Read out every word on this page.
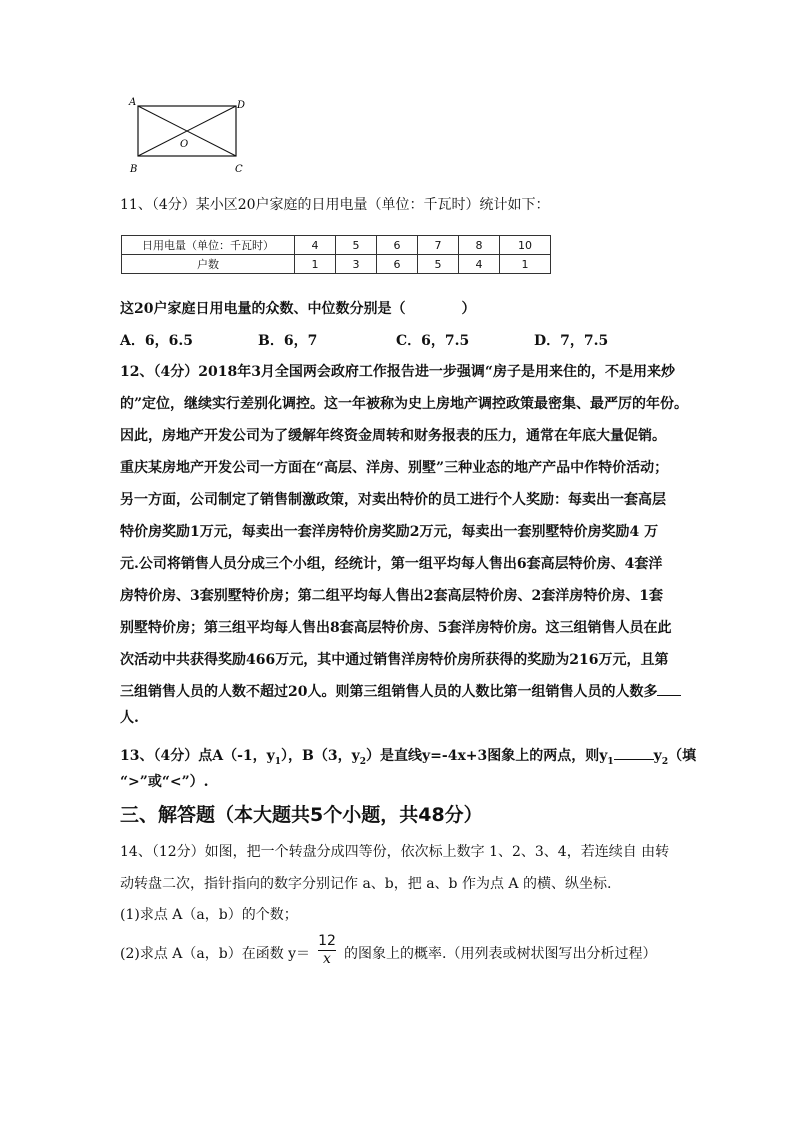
A	D
O
B	C
11、（4分）某小区20户家庭的日用电量（单位：千瓦时）统计如下：
日用电量（单位：千瓦时）	4	5	6	7	8	10
户数	1	3	6	5	4	1
这20户家庭日用电量的众数、中位数分别是（　　　　）
A．6，6.5	B．6，7	C．6，7.5	D．7，7.5
12、（4分）2018年3月全国两会政府工作报告进一步强调“房子是用来住的，不是用来炒
的”定位，继续实行差别化调控。这一年被称为史上房地产调控政策最密集、最严厉的年份。
因此，房地产开发公司为了缓解年终资金周转和财务报表的压力，通常在年底大量促销。
重庆某房地产开发公司一方面在“高层、洋房、别墅”三种业态的地产产品中作特价活动；
另一方面，公司制定了销售制激政策，对卖出特价的员工进行个人奖励：每卖出一套高层
特价房奖励1万元，每卖出一套洋房特价房奖励2万元，每卖出一套别墅特价房奖励4 万
元.公司将销售人员分成三个小组，经统计，第一组平均每人售出6套高层特价房、4套洋
房特价房、3套别墅特价房；第二组平均每人售出2套高层特价房、2套洋房特价房、1套
别墅特价房；第三组平均每人售出8套高层特价房、5套洋房特价房。这三组销售人员在此
次活动中共获得奖励466万元，其中通过销售洋房特价房所获得的奖励为216万元，且第
三组销售人员的人数不超过20人。则第三组销售人员的人数比第一组销售人员的人数多
人.
13、（4分）点A（-1，$y_1$），B（3，$y_2$）是直线y=-4x+3图象上的两点，则$y_1$	$y_2$（填
“>”或“<”）.
三、解答题（本大题共5个小题，共48分）
14、（12分）如图，把一个转盘分成四等份，依次标上数字 1、2、3、4，若连续自 由转
动转盘二次，指针指向的数字分别记作 a、b，把 a、b 作为点 A 的横、纵坐标.
(1)求点 A（a，b）的个数；
(2)求点 A（a，b）在函数 y＝
12
x 的图象上的概率.（用列表或树状图写出分析过程）
